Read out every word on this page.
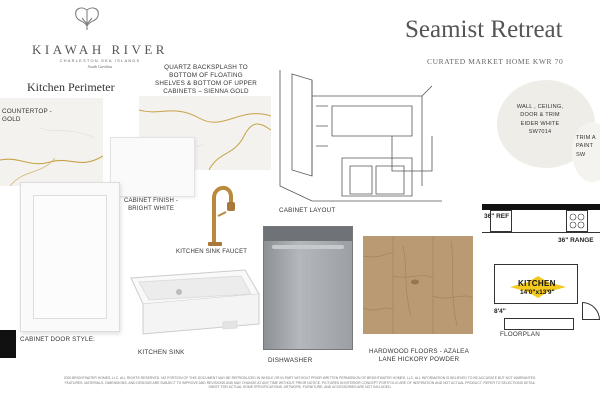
KIAWAH RIVER
CHARLESTON SEA ISLANDS
South Carolina
Kitchen Perimeter
Seamist Retreat
CURATED MARKET HOME KWR 70
COUNTERTOP -
GOLD
QUARTZ BACKSPLASH TO
BOTTOM OF FLOATING
SHELVES & BOTTOM OF UPPER
CABINETS – SIENNA GOLD
CABINET FINISH -
BRIGHT WHITE
KITCHEN SINK FAUCET
CABINET LAYOUT
WALL , CEILING,
DOOR & TRIM
EIDER WHITE
SW7014
TRIM A
PAINT
SW
36" REF
36" RANGE
KITCHEN
14'0"x13'9"
8'4"
FLOORPLAN
CABINET DOOR STYLE:
KITCHEN SINK
DISHWASHER
HARDWOOD FLOORS - AZALEA
LANE HICKORY POWDER
2020 BRIGHTWATER HOMES, LLC. ALL RIGHTS RESERVED. NO PORTION OF THIS DOCUMENT MAY BE REPRODUCED IN WHOLE OR IN PART WITHOUT PRIOR WRITTEN PERMISSION OF BRIGHTWATER HOMES, LLC. ALL INFORMATION IS BELIEVED TO BE ACCURATE BUT NOT WARRANTED. FEATURES, MATERIALS, DIMENSIONS, AND DESIGNS ARE SUBJECT TO IMPROVE AND REVISIONS AND MAY CHANGE AT ANY TIME WITHOUT PRIOR NOTICE. PICTURES IN INTERIOR CONCEPT PORTFOLIO ARE OF INSPIRATION AND NOT ACTUAL PRODUCT. REFER TO SELECTIONS DETAIL SHEET FOR ACTUAL HOME SPECIFICATIONS. ARTWORK, FURNITURE, AND ACCESSORIES ARE NOT INCLUDED.
